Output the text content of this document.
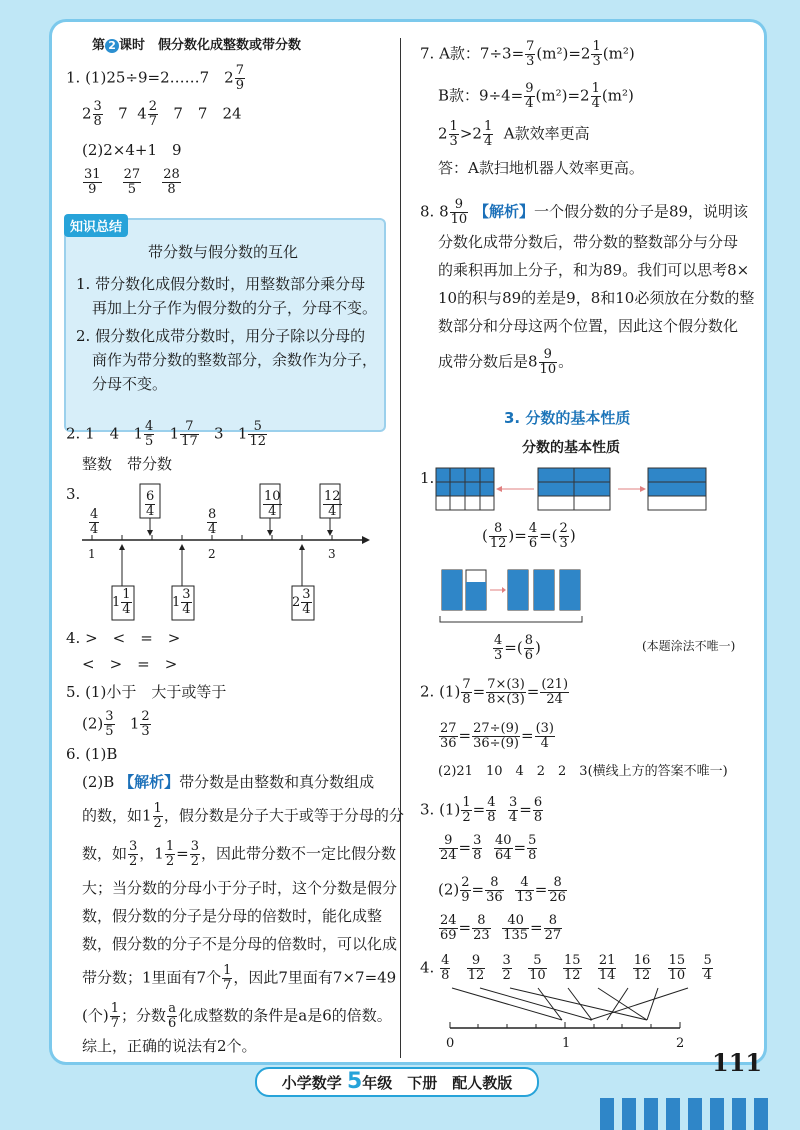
第 2 课时　假分数化成整数或带分数
1. (1)25÷9=2……7　$2 \frac{7}{9}$
$2 \frac{3}{8} 7$ $4 \frac{2}{7} 7$　7　24
(2)2×4+1　9
$\frac{31}{9}$
$\frac{27}{5}$
$\frac{28}{8}$
知识总结
带分数与假分数的互化
1. 带分数化成假分数时，用整数部分乘分母
再加上分子作为假分数的分子，分母不变。
2. 假分数化成带分数时，用分子除以分母的
商作为带分数的整数部分，余数作为分子，
分母不变。
2. 1　4 $1 \frac{4}{5} 1 \frac{7}{17} 3$ $1 \frac{5}{12}$
整数　带分数
3.
$\frac{4}{4}$
$\frac{6}{4}$
$\frac{8}{4}$
$\frac{10}{4}$	$\frac{12}{4}$
1	2	3
$1 \frac{1}{4}$	$1 \frac{3}{4}$	$2 \frac{3}{4}$
4. >　<　=　>
<　>　=　>
5. (1)小于　大于或等于
$(2) \frac{3}{5} 1 \frac{2}{3}$
6. (1)B
(2)B 【解析】带分数是由整数和真分数组成
的数，如$1 \frac{1}{2}$ ，假分数是分子大于或等于分母的分
数，如 $\frac{3}{2}$ ，$1 \frac{1}{2} = \frac{3}{2}$ ，因此带分数不一定比假分数
大；当分数的分母小于分子时，这个分数是假分
数，假分数的分子是分母的倍数时，能化成整
数，假分数的分子不是分母的倍数时，可以化成
带分数；1里面有7个 $\frac{1}{7}$ ，因此7里面有7×7=49
(个) $\frac{1}{7}$ ；分数 $\frac{a}{6}$ 化成整数的条件是a是6的倍数。
综上，正确的说法有2个。
7. A款：$7\div 3= \frac{7}{3} (m^2)=2 \frac{1}{3} (m^2)$
B款：$9\div 4= \frac{9}{4} (m^2)=2 \frac{1}{4} (m^2)$
$2 \frac{1}{3} >2 \frac{1}{4}$ A款效率更高
答：A款扫地机器人效率更高。
8. $8 \frac{9}{10}$ 【解析】一个假分数的分子是89，说明该
分数化成带分数后，带分数的整数部分与分母
的乘积再加上分子，和为89。我们可以思考8×
10的积与89的差是9，8和10必须放在分数的整
数部分和分母这两个位置，因此这个假分数化
成带分数后是$8 \frac{9}{10}$ 。
3. 分数的基本性质
分数的基本性质
1.
( $\frac{8}{12}$ )= $\frac{4}{6}$ =( $\frac{2}{3}$ )
$\frac{4}{3}$ =( $\frac{8}{6}$ )	(本题涂法不唯一)
2. $(1) \frac{7}{8} = \frac{7\times(3)}{8\times(3)} = \frac{(21)}{24}$
$\frac{27}{36} = \frac{27\div(9)}{36\div(9)} = \frac{(3)}{4}$
(2)21　10　4　2　2　3(横线上方的答案不唯一)
3. $(1) \frac{1}{2} = \frac{4}{8}$
$\frac{3}{4} = \frac{6}{8}$
$\frac{9}{24} = \frac{3}{8}$
$\frac{40}{64} = \frac{5}{8}$
$(2) \frac{2}{9} = \frac{8}{36}$
$\frac{4}{13} = \frac{8}{26}$
$\frac{24}{69} = \frac{8}{23}$
$\frac{40}{135} = \frac{8}{27}$
4. $\frac{4}{8}$
$\frac{9}{12}$
$\frac{3}{2}$
$\frac{5}{10}$
$\frac{15}{12}$
$\frac{21}{14}$
$\frac{16}{12}$
$\frac{15}{10}$
$\frac{5}{4}$
0	1	2
111
小学数学 5年级　下册　配人教版
